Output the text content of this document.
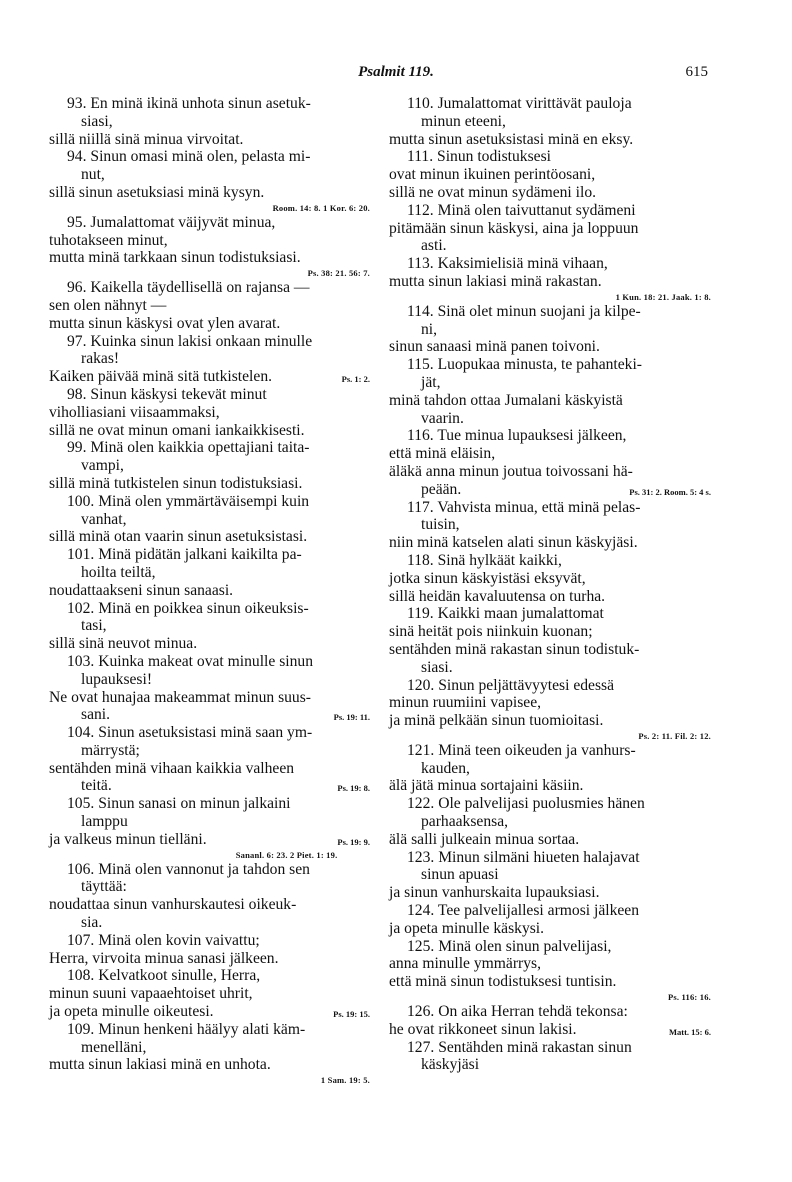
Psalmit 119.	615
93. En minä ikinä unhota sinun asetuk-
siasi,
sillä niillä sinä minua virvoitat.
94. Sinun omasi minä olen, pelasta mi-
nut,
sillä sinun asetuksiasi minä kysyn.
Room. 14: 8. 1 Kor. 6: 20.
95. Jumalattomat väijyvät minua,
tuhotakseen minut,
mutta minä tarkkaan sinun todistuksiasi.
Ps. 38: 21. 56: 7.
96. Kaikella täydellisellä on rajansa —
sen olen nähnyt —
mutta sinun käskysi ovat ylen avarat.
97. Kuinka sinun lakisi onkaan minulle
rakas!
Kaiken päivää minä sitä tutkistelen.	Ps. 1: 2.
98. Sinun käskysi tekevät minut
viholliasiani viisaammaksi,
sillä ne ovat minun omani iankaikkisesti.
99. Minä olen kaikkia opettajiani taita-
vampi,
sillä minä tutkistelen sinun todistuksiasi.
100. Minä olen ymmärtäväisempi kuin
vanhat,
sillä minä otan vaarin sinun asetuksistasi.
101. Minä pidätän jalkani kaikilta pa-
hoilta teiltä,
noudattaakseni sinun sanaasi.
102. Minä en poikkea sinun oikeuksis-
tasi,
sillä sinä neuvot minua.
103. Kuinka makeat ovat minulle sinun
lupauksesi!
Ne ovat hunajaa makeammat minun suus-
sani.	Ps. 19: 11.
104. Sinun asetuksistasi minä saan ym-
märrystä;
sentähden minä vihaan kaikkia valheen
teitä.	Ps. 19: 8.
105. Sinun sanasi on minun jalkaini
lamppu
ja valkeus minun tielläni.	Ps. 19: 9.
Sananl. 6: 23. 2 Piet. 1: 19.
106. Minä olen vannonut ja tahdon sen
täyttää:
noudattaa sinun vanhurskautesi oikeuk-
sia.
107. Minä olen kovin vaivattu;
Herra, virvoita minua sanasi jälkeen.
108. Kelvatkoot sinulle, Herra,
minun suuni vapaaehtoiset uhrit,
ja opeta minulle oikeutesi.	Ps. 19: 15.
109. Minun henkeni häälyy alati käm-
menelläni,
mutta sinun lakiasi minä en unhota.
1 Sam. 19: 5.
110. Jumalattomat virittävät pauloja
minun eteeni,
mutta sinun asetuksistasi minä en eksy.
111. Sinun todistuksesi
ovat minun ikuinen perintöosani,
sillä ne ovat minun sydämeni ilo.
112. Minä olen taivuttanut sydämeni
pitämään sinun käskysi, aina ja loppuun
asti.
113. Kaksimielisiä minä vihaan,
mutta sinun lakiasi minä rakastan.
1 Kun. 18: 21. Jaak. 1: 8.
114. Sinä olet minun suojani ja kilpe-
ni,
sinun sanaasi minä panen toivoni.
115. Luopukaa minusta, te pahanteki-
jät,
minä tahdon ottaa Jumalani käskyistä
vaarin.
116. Tue minua lupauksesi jälkeen,
että minä eläisin,
äläkä anna minun joutua toivossani hä-
peään.	Ps. 31: 2. Room. 5: 4 s.
117. Vahvista minua, että minä pelas-
tuisin,
niin minä katselen alati sinun käskyjäsi.
118. Sinä hylkäät kaikki,
jotka sinun käskyistäsi eksyvät,
sillä heidän kavaluutensa on turha.
119. Kaikki maan jumalattomat
sinä heität pois niinkuin kuonan;
sentähden minä rakastan sinun todistuk-
siasi.
120. Sinun peljättävyytesi edessä
minun ruumiini vapisee,
ja minä pelkään sinun tuomioitasi.
Ps. 2: 11. Fil. 2: 12.
121. Minä teen oikeuden ja vanhurs-
kauden,
älä jätä minua sortajaini käsiin.
122. Ole palvelijasi puolusmies hänen
parhaaksensa,
älä salli julkeain minua sortaa.
123. Minun silmäni hiueten halajavat
sinun apuasi
ja sinun vanhurskaita lupauksiasi.
124. Tee palvelijallesi armosi jälkeen
ja opeta minulle käskysi.
125. Minä olen sinun palvelijasi,
anna minulle ymmärrys,
että minä sinun todistuksesi tuntisin.
Ps. 116: 16.
126. On aika Herran tehdä tekonsa:
he ovat rikkoneet sinun lakisi.	Matt. 15: 6.
127. Sentähden minä rakastan sinun
käskyjäsi
